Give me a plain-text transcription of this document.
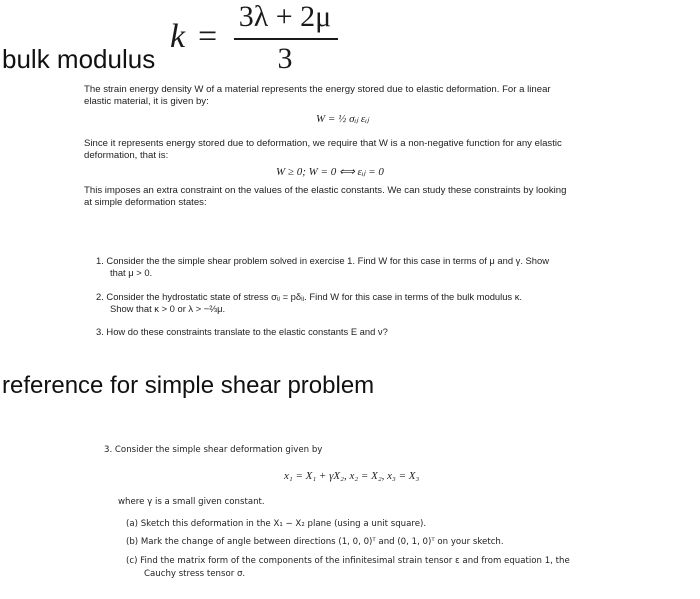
k =
3λ + 2μ
3
bulk modulus
The strain energy density W of a material represents the energy stored due to elastic deformation. For a linear
elastic material, it is given by:
W = ½ σᵢⱼ εᵢⱼ
Since it represents energy stored due to deformation, we require that W is a non-negative function for any elastic
deformation, that is:
W ≥ 0; W = 0 ⟺ εᵢⱼ = 0
This imposes an extra constraint on the values of the elastic constants. We can study these constraints by looking
at simple deformation states:
1. Consider the the simple shear problem solved in exercise 1. Find W for this case in terms of μ and γ. Show
that μ > 0.
2. Consider the hydrostatic state of stress σᵢⱼ = pδᵢⱼ. Find W for this case in terms of the bulk modulus κ.
Show that κ > 0 or λ > −⅔μ.
3. How do these constraints translate to the elastic constants E and ν?
reference for simple shear problem
3. Consider the simple shear deformation given by
x₁ = X₁ + γX₂, x₂ = X₂, x₃ = X₃
where γ is a small given constant.
(a) Sketch this deformation in the X₁ − X₂ plane (using a unit square).
(b) Mark the change of angle between directions (1, 0, 0)ᵀ and (0, 1, 0)ᵀ on your sketch.
(c) Find the matrix form of the components of the infinitesimal strain tensor ε and from equation 1, the
Cauchy stress tensor σ.
